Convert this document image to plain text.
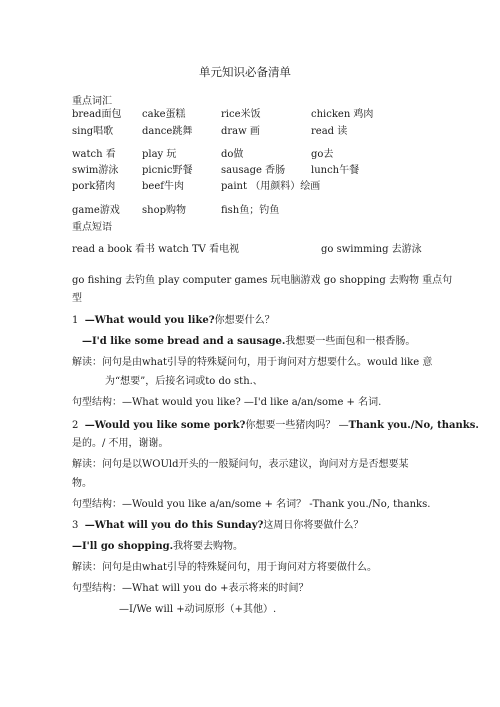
单元知识必备清单
重点词汇
bread面包 cake蛋糕	rice米饭	chicken 鸡肉
sing唱歌	dance跳舞	draw 画	read 读
watch 看	play 玩	do做	go去
swim游泳 picnic野餐	sausage 香肠	lunch午餐
pork猪肉	beef牛肉	paint （用颜料）绘画
game游戏 shop购物	fish鱼；钓鱼
重点短语
read a book 看书 watch TV 看电视	go swimming 去游泳
go fishing 去钓鱼 play computer games 玩电脑游戏 go shopping 去购物 重点句
型
1 —What would you like?你想要什么？
—I'd like some bread and a sausage.我想要一些面包和一根香肠。
解读：问句是由what引导的特殊疑问句，用于询问对方想要什么。would like 意
为“想要”，后接名词或to do sth.、
句型结构：—What would you like? —I'd like a/an/some + 名词.
2 —Would you like some pork?你想要一些猪肉吗？ —Thank you./No, thanks.
是的。/ 不用，谢谢。
解读：问句是以WOUld开头的一般疑问句，表示建议，询问对方是否想要某
物。
句型结构：—Would you like a/an/some + 名词？ -Thank you./No, thanks.
3 —What will you do this Sunday?这周日你将要做什么？
—I'll go shopping.我将要去购物。
解读：问句是由what引导的特殊疑问句，用于询问对方将要做什么。
句型结构：—What will you do +表示将来的时间？
—I/We will +动词原形（+其他）.
